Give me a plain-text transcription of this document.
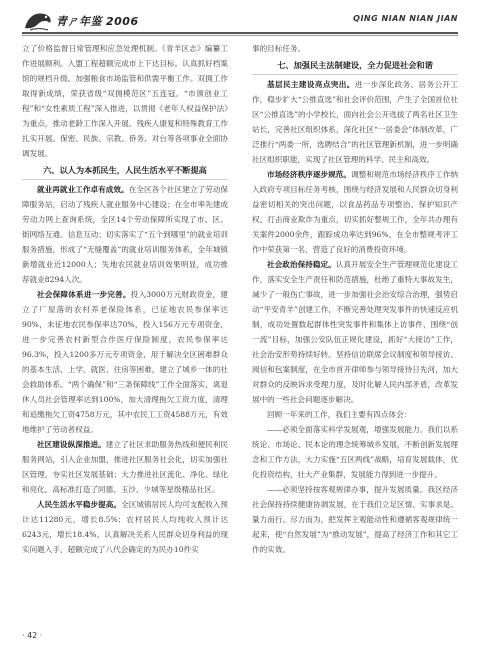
青ㄕ年鉴 2006	QING NIAN NIAN JIAN

立了价格监督日常管理和应急处理机制。《青羊区志》编纂工作进展顺利。入盟工程超额完成市上下达目标。认真抓好档案馆的规档升级。加强粮食市场监管和供需平衡工作。双拥工作取得新成绩，荣获省级“双拥模范区”五连冠。“市颁创业工程”和“女性素质工程”深入推进，以贯彻《老年人权益保护法》为重点，推动老龄工作深入开展。残疾人康复和特殊教育工作扎实开展。保密、民族、宗教、侨务、对台等各项事业全面协调发展。

六、以人为本抓民生，人民生活水平不断提高

就业再就业工作卓有成效。在全区各个社区建立了劳动保障服务站，启动了残疾人就业服务中心建设；在全市率先建成劳动力网上查询系统，全区14个劳动保障所实现了市、区、街网络互通、信息互动；切实落实了“五个到哪里”的就业培训服务措施，形成了“无缝覆盖”的就业培训服务体系，全年城镇新增就业近12000人；失地农民就业培训效果明显，成功推荐就业8294人次。

社会保障体系进一步完善。投入3000万元财政资金，建立了厂屋落的农村养老保险体系，已征地农民参保率达90%，未征地农民参保率达70%，投入156万元专项资金，进一步完善农村新型合作医疗保险制度，农民参保率达96.3%，投入1200多万元专项资金，用于解决全区困难群众的基本生活、上学、就医、住房等困难，建立了城乡一体的社会救助体系。“两个确保”和“三条保障线”工作全面落实，离退休人员社会管理率达到100%，加大清理拖欠工资力度，清理和追缴拖欠工资4758万元，其中农民工工资4588万元，有效地维护了劳动者权益。

社区建设纵深推进。建立了社区求助服务热线和便民利民服务网站，引入企业加盟，推进社区服务社会化，切实加强社区管理，夯实社区发展基础；大力推进社区流化、净化、绿化和亮化，高标准打造了同德、玉沙、少城等星级精品社区。

人民生活水平稳步提高。全区城镇居民人均可支配收入预计达11280元，增长8.5%；农村居民人均纯收入预计达6243元，增长18.4%。认真解决关系人民群众切身利益的现实问题入手，超额完成了八代会确定的为民办10件实

事的目标任务。

七、加强民主法制建设，全力促进社会和谐

基层民主建设亮点突出。进一步深化政务、居务公开工作，稳步扩大“公推直选”和社会评价范围，产生了全国首位社区“公推直选”的小学校长，面向社会公开选拔了两名社区卫生站长，完善社区组织体系，深化社区“一居委会”体制改革，广泛推行“两委一所，选聘结合”的社区管理新机制，进一步明确社区组织职能，实现了社区管理的科学、民主和高效。

市场经济秩序逐步规范。调整和规范市场经济秩序工作纳入政府专项目标任务考核，围绕与经济发展和人民群众切身利益密切相关的突出问题，以食品药品专项整治、保护知识产权、打击商业欺诈为重点，切实抓好整规工作，全年共办理有关案件2000余件，跟踪成功率达到96%，在全市整规考评工作中荣获第一名，营造了良好的消费投资环境。

社会政治保持稳定。认真开展安全生产管理规范化建设工作，落实安全生产责任和防范措施，杜绝了重特大事故发生，减少了一般伤亡事故，进一步加强社会治安综合治理，强势启动“平安青羊”创建工作，不断完善处理突发事件的快速反应机制，成功处置数起群体性突发事件和集体上访事件，围绕“创一流”目标，加强公安队伍正规化建设，抓好“大接访”工作，社会治安形势持续好转。坚持信访联席会议制度和领导接访、阅信和包案制度，在全市首开律师参与领导接待日先河，加大对群众的反映诉求受理力度，及时化解人民内部矛盾，改革发展中的一些社会问题逐步解决。

回顾一年来的工作，我们主要有四点体会：

——必须全面落实科学发展观，增强发展能力。我们以系统论、市场论、民本论的理念统筹城乡发展，不断创新发展理念和工作方法，大力实施“五区两线”战略，培育发展载体，优化投资结构，壮大产业集群，发展能力得到进一步提升。

——必须坚持按客观规律办事，提升发展质量。我区经济社会保持持续健康协调发展，在于我们立足区情、实事求是、量力而行、尽力而为，把发挥主观能动性和遵循客观规律统一起来，使“自然发展”为“推动发展”，提高了经济工作和其它工作的实效。

· 42 ·
